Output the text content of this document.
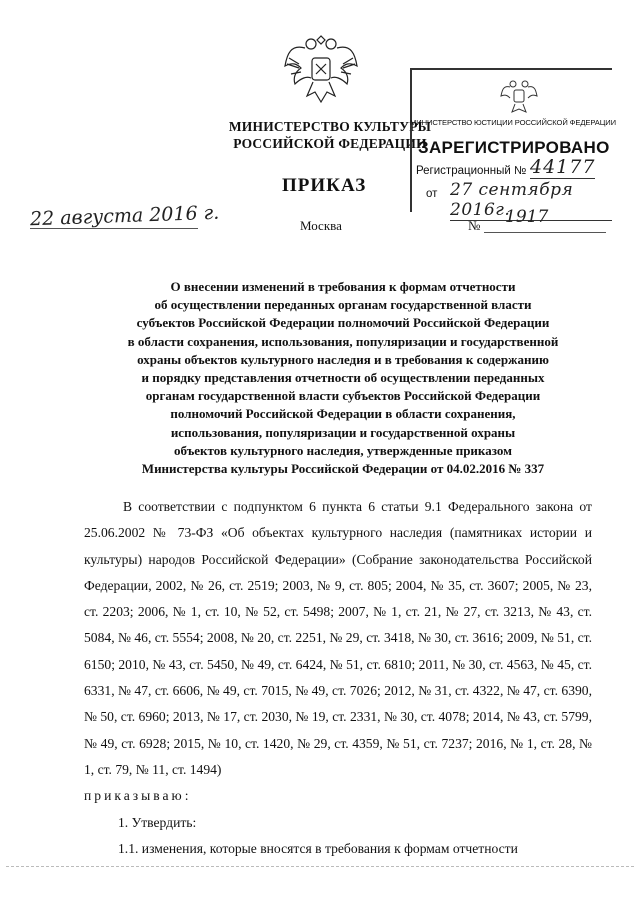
МИНИСТЕРСТВО КУЛЬТУРЫ
РОССИЙСКОЙ ФЕДЕРАЦИИ
МИНИСТЕРСТВО ЮСТИЦИИ РОССИЙСКОЙ ФЕДЕРАЦИИ
ЗАРЕГИСТРИРОВАНО
Регистрационный № 44177
от 27 сентября 2016г.
ПРИКАЗ
22 августа 2016 г.	Москва	№ 1917
О внесении изменений в требования к формам отчетности
об осуществлении переданных органам государственной власти
субъектов Российской Федерации полномочий Российской Федерации
в области сохранения, использования, популяризации и государственной
охраны объектов культурного наследия и в требования к содержанию
и порядку представления отчетности об осуществлении переданных
органам государственной власти субъектов Российской Федерации
полномочий Российской Федерации в области сохранения,
использования, популяризации и государственной охраны
объектов культурного наследия, утвержденные приказом
Министерства культуры Российской Федерации от 04.02.2016 № 337

В соответствии с подпунктом 6 пункта 6 статьи 9.1 Федерального закона от 25.06.2002 № 73-ФЗ «Об объектах культурного наследия (памятниках истории и культуры) народов Российской Федерации» (Собрание законодательства Российской Федерации, 2002, № 26, ст. 2519; 2003, № 9, ст. 805; 2004, № 35, ст. 3607; 2005, № 23, ст. 2203; 2006, № 1, ст. 10, № 52, ст. 5498; 2007, № 1, ст. 21, № 27, ст. 3213, № 43, ст. 5084, № 46, ст. 5554; 2008, № 20, ст. 2251, № 29, ст. 3418, № 30, ст. 3616; 2009, № 51, ст. 6150; 2010, № 43, ст. 5450, № 49, ст. 6424, № 51, ст. 6810; 2011, № 30, ст. 4563, № 45, ст. 6331, № 47, ст. 6606, № 49, ст. 7015, № 49, ст. 7026; 2012, № 31, ст. 4322, № 47, ст. 6390, № 50, ст. 6960; 2013, № 17, ст. 2030, № 19, ст. 2331, № 30, ст. 4078; 2014, № 43, ст. 5799, № 49, ст. 6928; 2015, № 10, ст. 1420, № 29, ст. 4359, № 51, ст. 7237; 2016, № 1, ст. 28, № 1, ст. 79, № 11, ст. 1494)

приказываю:

1. Утвердить:

1.1. изменения, которые вносятся в требования к формам отчетности
